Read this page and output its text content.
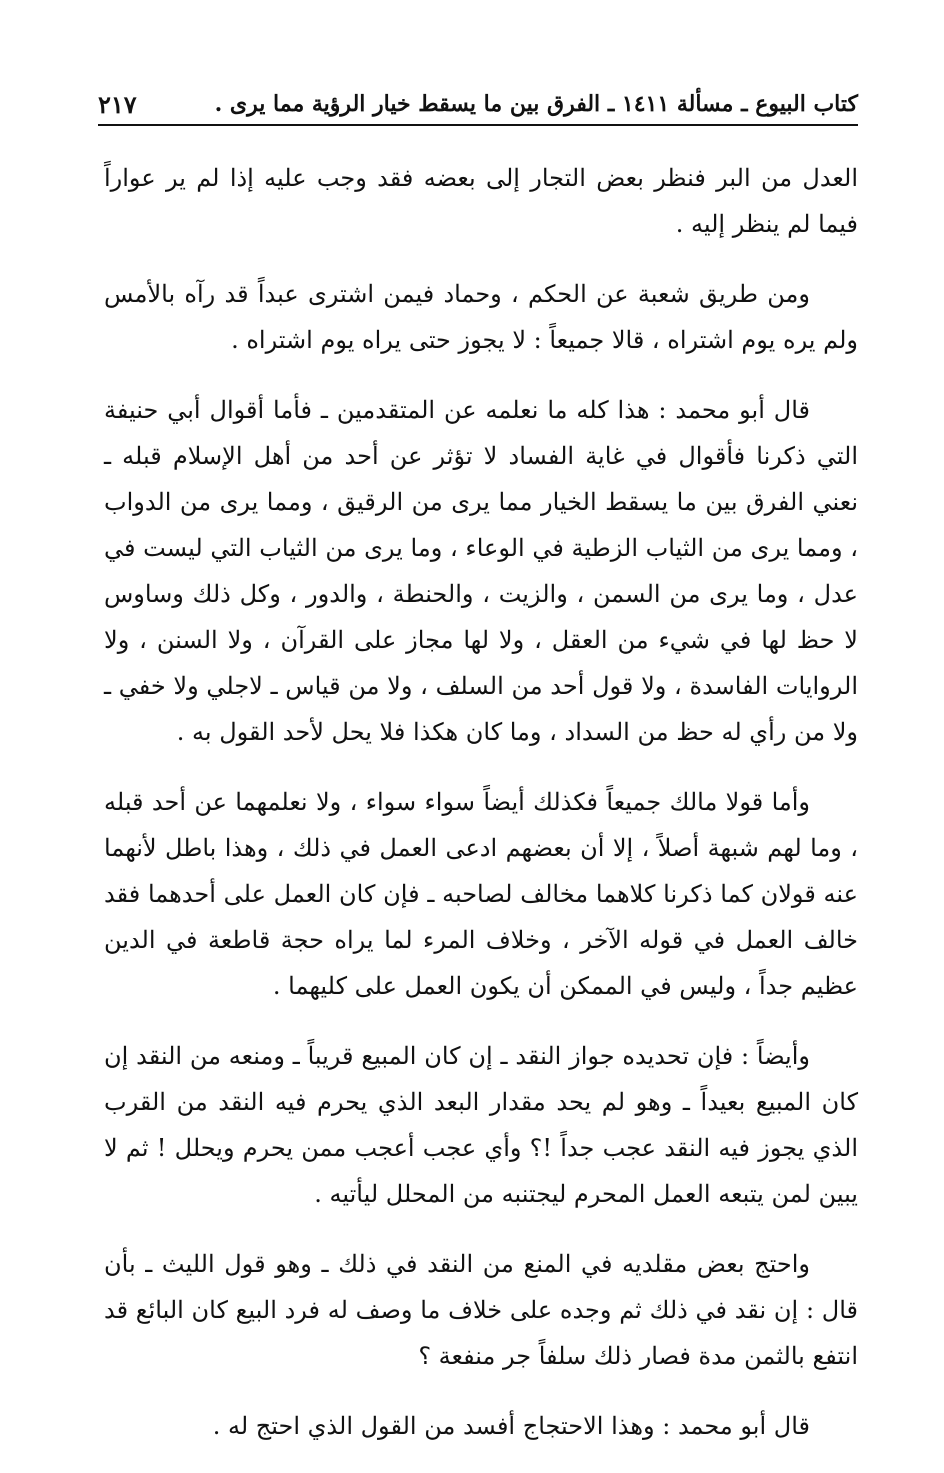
كتاب البيوع ـ مسألة ١٤١١ ـ الفرق بين ما يسقط خيار الرؤية مما يرى .
٢١٧

العدل من البر فنظر بعض التجار إلى بعضه فقد وجب عليه إذا لم ير عواراً فيما لم ينظر إليه .

ومن طريق شعبة عن الحكم ، وحماد فيمن اشترى عبداً قد رآه بالأمس ولم يره يوم اشتراه ، قالا جميعاً : لا يجوز حتى يراه يوم اشتراه .

قال أبو محمد : هذا كله ما نعلمه عن المتقدمين ـ فأما أقوال أبي حنيفة التي ذكرنا فأقوال في غاية الفساد لا تؤثر عن أحد من أهل الإسلام قبله ـ نعني الفرق بين ما يسقط الخيار مما يرى من الرقيق ، ومما يرى من الدواب ، ومما يرى من الثياب الزطية في الوعاء ، وما يرى من الثياب التي ليست في عدل ، وما يرى من السمن ، والزيت ، والحنطة ، والدور ، وكل ذلك وساوس لا حظ لها في شيء من العقل ، ولا لها مجاز على القرآن ، ولا السنن ، ولا الروايات الفاسدة ، ولا قول أحد من السلف ، ولا من قياس ـ لاجلي ولا خفي ـ ولا من رأي له حظ من السداد ، وما كان هكذا فلا يحل لأحد القول به .

وأما قولا مالك جميعاً فكذلك أيضاً سواء سواء ، ولا نعلمهما عن أحد قبله ، وما لهم شبهة أصلاً ، إلا أن بعضهم ادعى العمل في ذلك ، وهذا باطل لأنهما عنه قولان كما ذكرنا كلاهما مخالف لصاحبه ـ فإن كان العمل على أحدهما فقد خالف العمل في قوله الآخر ، وخلاف المرء لما يراه حجة قاطعة في الدين عظيم جداً ، وليس في الممكن أن يكون العمل على كليهما .

وأيضاً : فإن تحديده جواز النقد ـ إن كان المبيع قريباً ـ ومنعه من النقد إن كان المبيع بعيداً ـ وهو لم يحد مقدار البعد الذي يحرم فيه النقد من القرب الذي يجوز فيه النقد عجب جداً !؟ وأي عجب أعجب ممن يحرم ويحلل ! ثم لا يبين لمن يتبعه العمل المحرم ليجتنبه من المحلل ليأتيه .

واحتج بعض مقلديه في المنع من النقد في ذلك ـ وهو قول الليث ـ بأن قال : إن نقد في ذلك ثم وجده على خلاف ما وصف له فرد البيع كان البائع قد انتفع بالثمن مدة فصار ذلك سلفاً جر منفعة ؟

قال أبو محمد : وهذا الاحتجاج أفسد من القول الذي احتج له .
